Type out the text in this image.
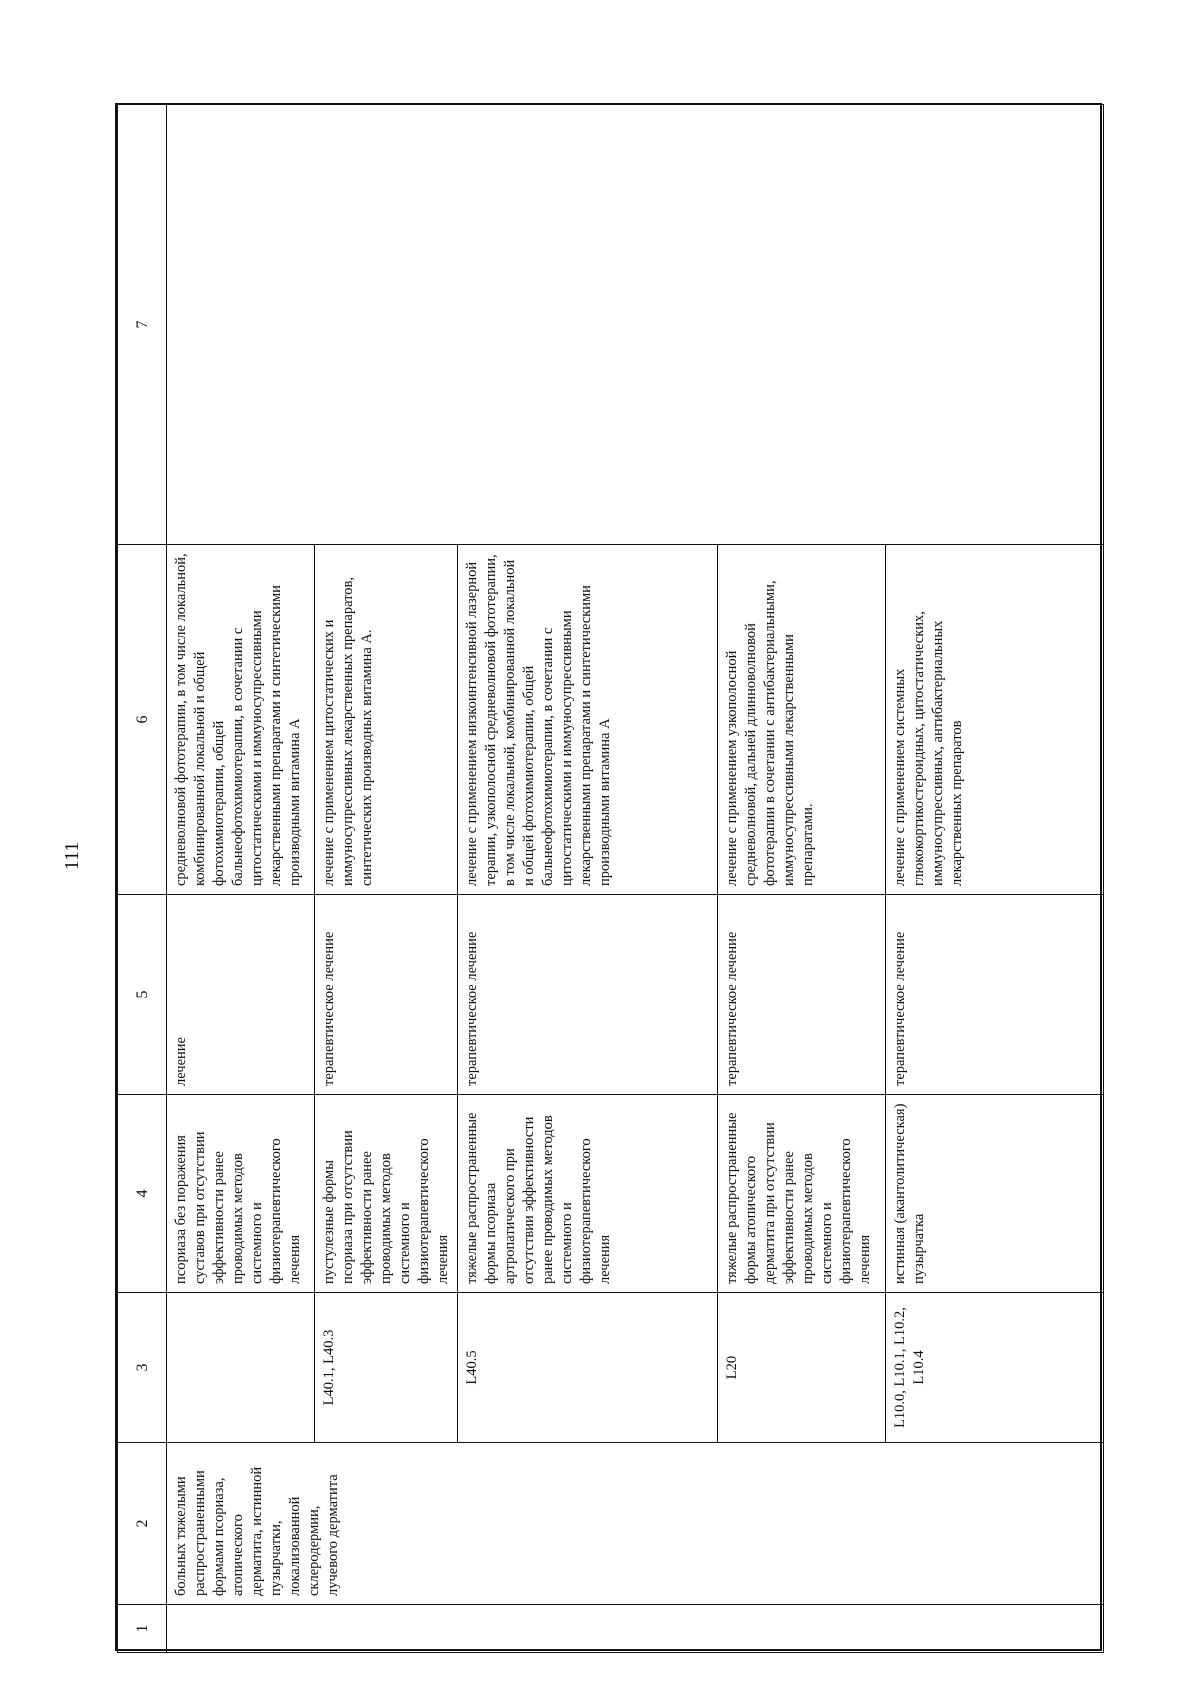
111
1	2	3	4	5	6	7
	больных тяжелыми распространенными формами псориаза, атопического дерматита, истинной пузырчатки, локализованной склеродермии, лучевого дерматита		псориаза без поражения суставов при отсутствии эффективности ранее проводимых методов системного и физиотерапевтического лечения	лечение	средневолновой фототерапии, в том числе локальной, комбинированной локальной и общей фотохимиотерапии, общей бальнеофотохимиотерапии, в сочетании с цитостатическими и иммуносупрессивными лекарственными препаратами и синтетическими производными витамина А	
		L40.1, L40.3	пустулезные формы псориаза при отсутствии эффективности ранее проводимых методов системного и физиотерапевтического лечения	терапевтическое лечение	лечение с применением цитостатических и иммуносупрессивных лекарственных препаратов, синтетических производных витамина А.	
		L40.5	тяжелые распространенные формы псориаза артропатического при отсутствии эффективности ранее проводимых методов системного и физиотерапевтического лечения	терапевтическое лечение	лечение с применением низкоинтенсивной лазерной терапии, узкополосной средневолновой фототерапии, в том числе локальной, комбинированной локальной и общей фотохимиотерапии, общей бальнеофотохимиотерапии, в сочетании с цитостатическими и иммуносупрессивными лекарственными препаратами и синтетическими производными витамина А	
		L20	тяжелые распространенные формы атопического дерматита при отсутствии эффективности ранее проводимых методов системного и физиотерапевтического лечения	терапевтическое лечение	лечение с применением узкополосной средневолновой, дальней длинноволновой фототерапии в сочетании с антибактериальными, иммуносупрессивными лекарственными препаратами.	
		L10.0, L10.1, L10.2, L10.4	истинная (акантолитическая) пузырчатка	терапевтическое лечение	лечение с применением системных глюкокортикостероидных, цитостатических, иммуносупрессивных, антибактериальных лекарственных препаратов	
